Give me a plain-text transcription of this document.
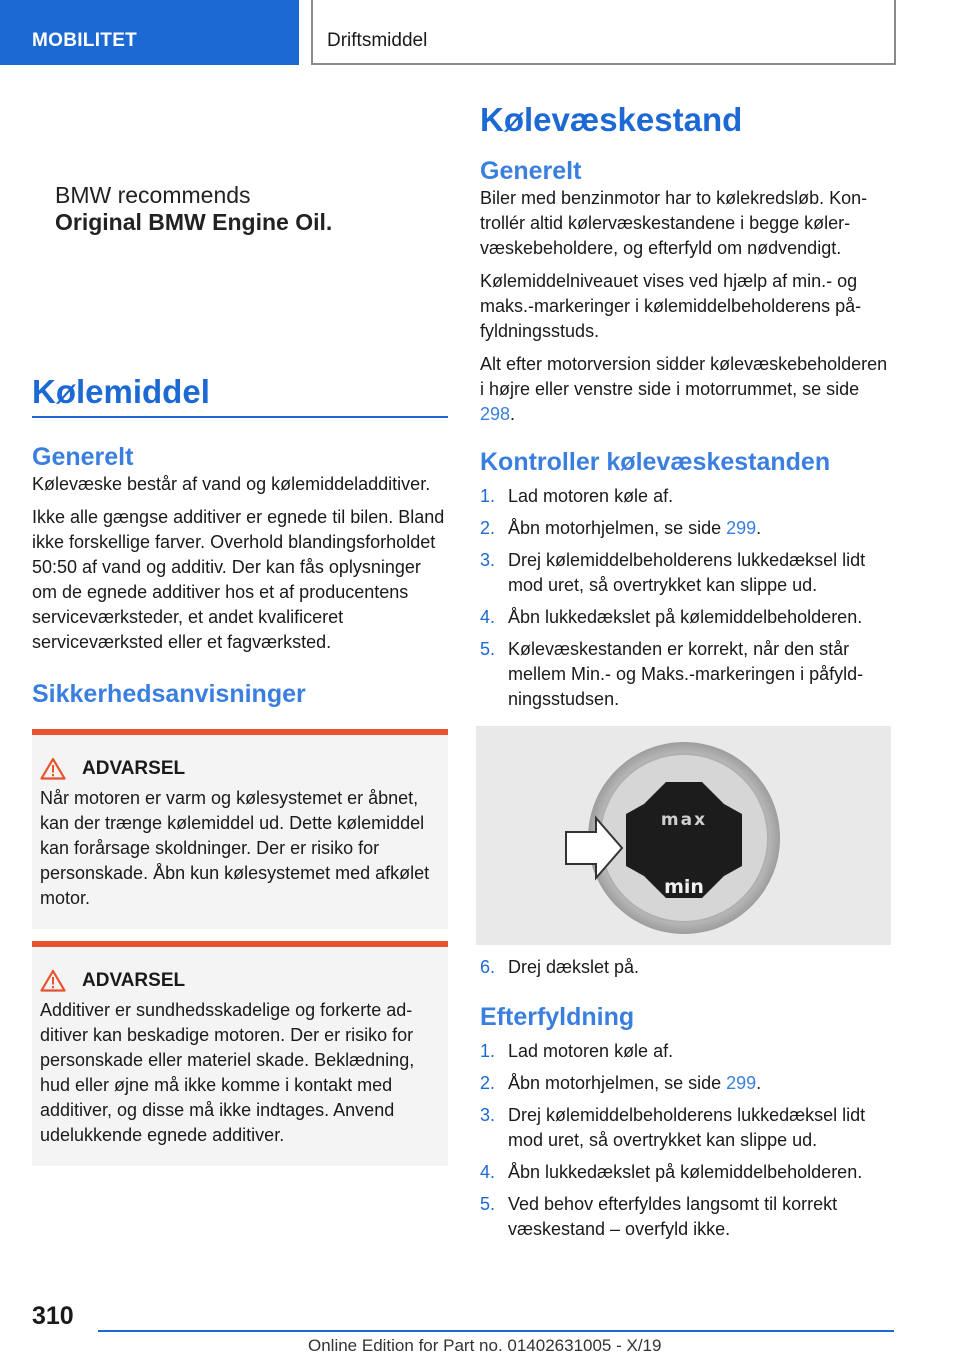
MOBILITET	Driftsmiddel
BMW recommends
Original BMW Engine Oil.
Kølemiddel
Generelt

Kølevæske består af vand og kølemiddeladditiver.

Ikke alle gængse additiver er egnede til bilen. Bland ikke forskellige farver. Overhold blandingsforholdet 50:50 af vand og additiv. Der kan fås oplysninger om de egnede additiver hos et af producentens serviceværksteder, et andet kvalificeret serviceværksted eller et fagværksted.

Sikkerhedsanvisninger
ADVARSEL

Når motoren er varm og kølesystemet er åbnet, kan der trænge kølemiddel ud. Dette kølemiddel kan forårsage skoldninger. Der er risiko for personskade. Åbn kun kølesystemet med afkølet motor.

ADVARSEL

Additiver er sundhedsskadelige og forkerte additiver kan beskadige motoren. Der er risiko for personskade eller materiel skade. Beklædning, hud eller øjne må ikke komme i kontakt med additiver, og disse må ikke indtages. Anvend udelukkende egnede additiver.

Kølevæskestand
Generelt

Biler med benzinmotor har to kølekredsløb. Kontrollér altid kølervæskestandene i begge kølervæskebeholdere, og efterfyld om nødvendigt.

Kølemiddelniveauet vises ved hjælp af min.- og maks.-markeringer i kølemiddelbeholderens påfyldningsstuds.

Alt efter motorversion sidder kølevæskebeholderen i højre eller venstre side i motorrummet, se side 298.

Kontroller kølevæskestanden
1. Lad motoren køle af.
2. Åbn motorhjelmen, se side 299.
3. Drej kølemiddelbeholderens lukkedæksel lidt mod uret, så overtrykket kan slippe ud.
4. Åbn lukkedækslet på kølemiddelbeholderen.
5. Kølevæskestanden er korrekt, når den står mellem Min.- og Maks.-markeringen i påfyldningsstudsen.
max
min
6. Drej dækslet på.
Efterfyldning
1. Lad motoren køle af.
2. Åbn motorhjelmen, se side 299.
3. Drej kølemiddelbeholderens lukkedæksel lidt mod uret, så overtrykket kan slippe ud.
4. Åbn lukkedækslet på kølemiddelbeholderen.
5. Ved behov efterfyldes langsomt til korrekt væskestand – overfyld ikke.
310
Online Edition for Part no. 01402631005 - X/19
